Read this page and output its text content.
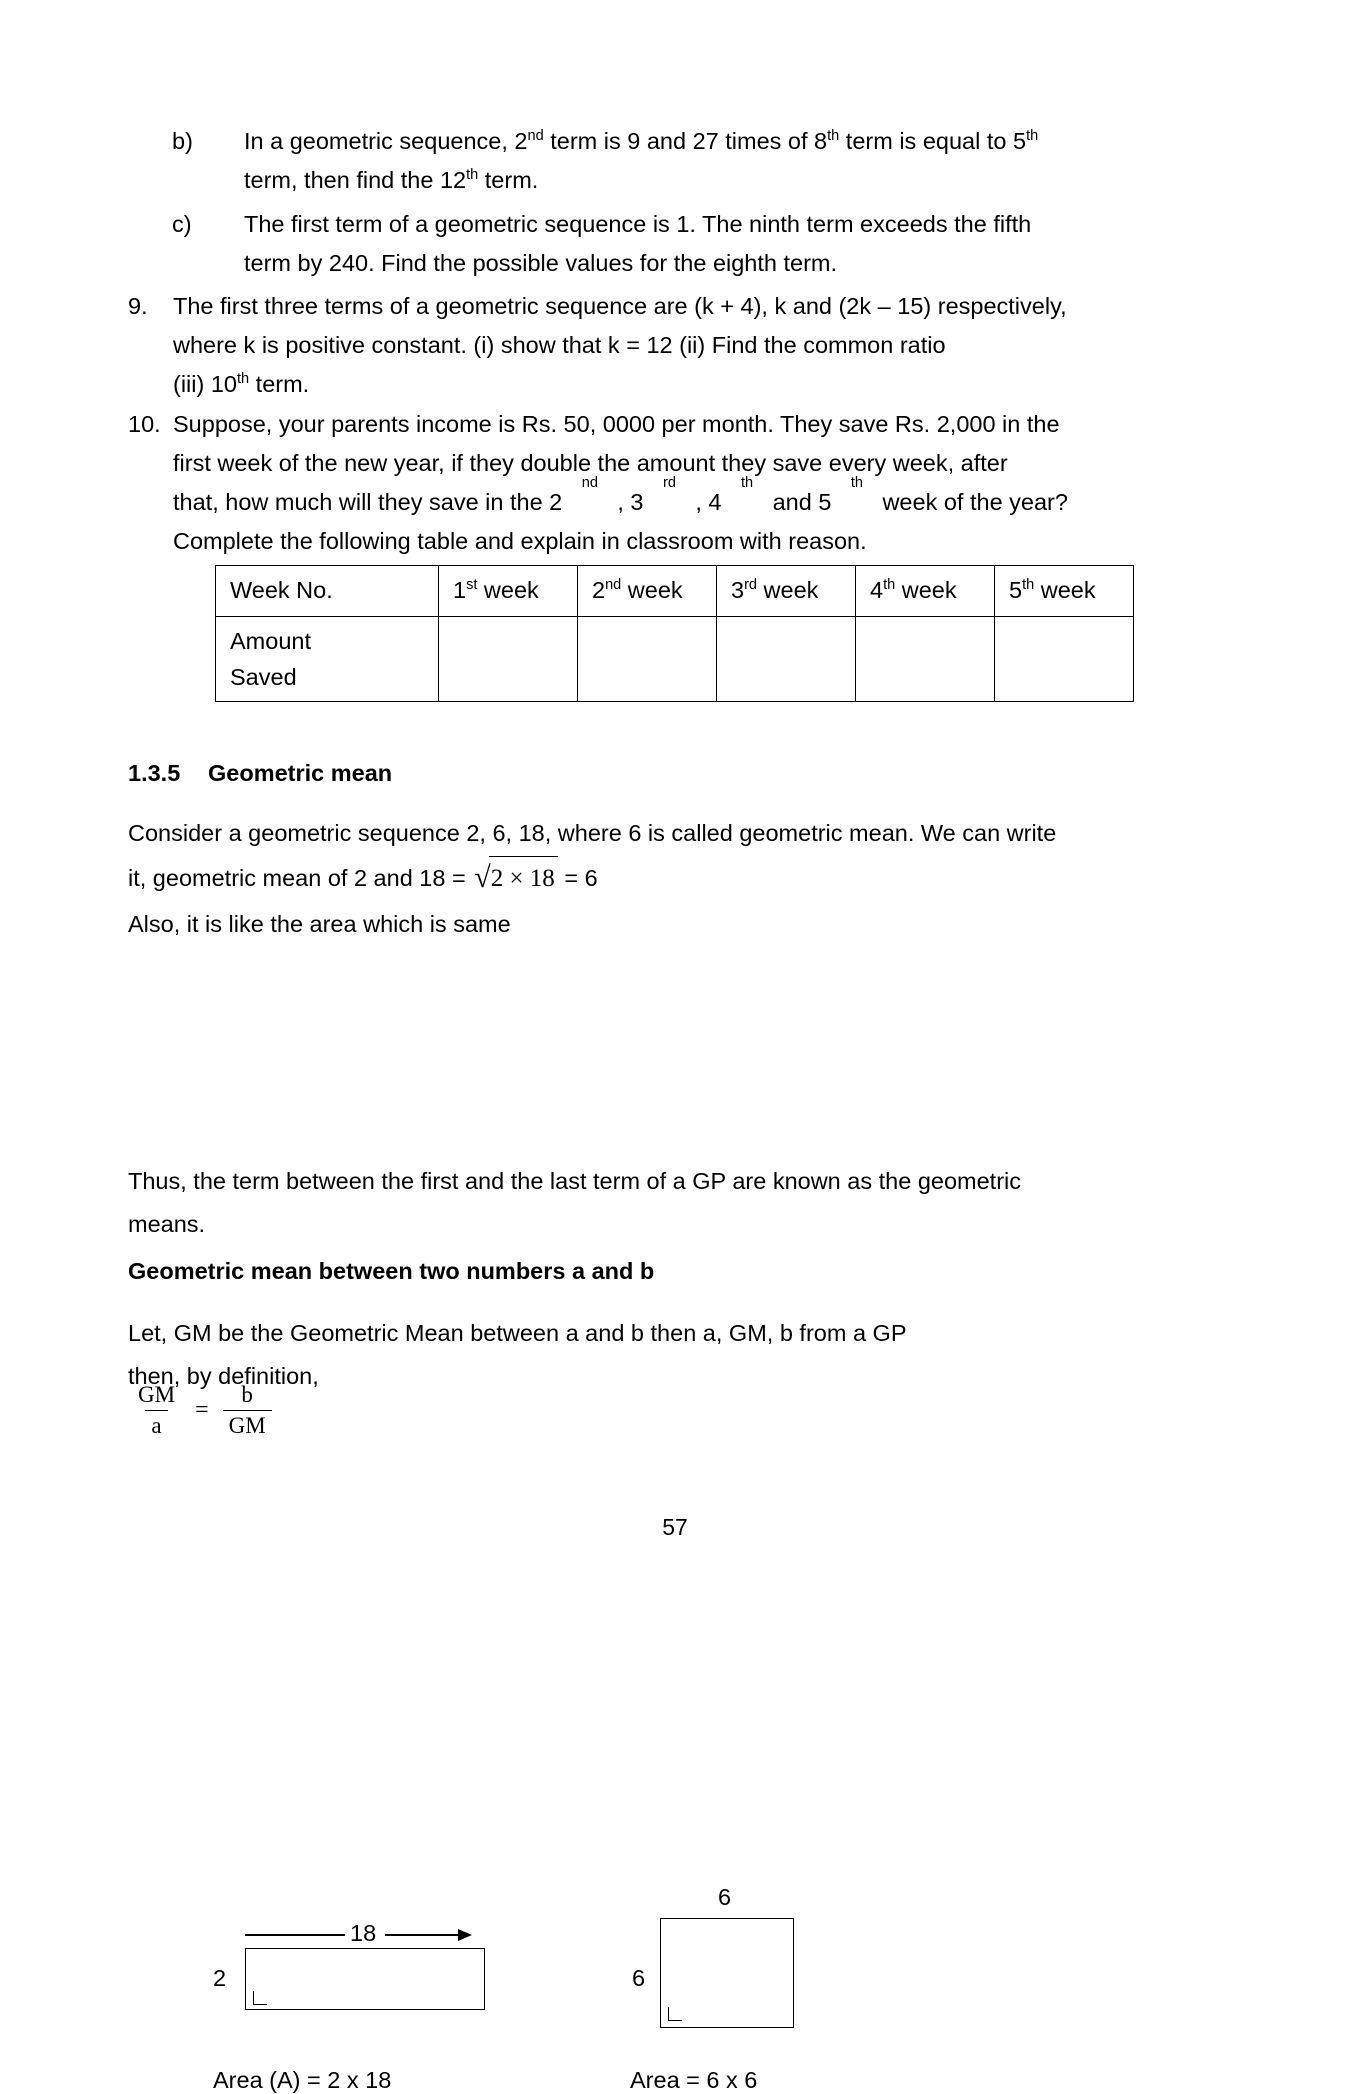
b)	In a geometric sequence, 2nd term is 9 and 27 times of 8th term is equal to 5th
term, then find the 12th term.
c)	The first term of a geometric sequence is 1. The ninth term exceeds the fifth
term by 240. Find the possible values for the eighth term.
9.	The first three terms of a geometric sequence are (k + 4), k and (2k – 15) respectively,
where k is positive constant. (i) show that k = 12 (ii) Find the common ratio
(iii) 10th term.
10. Suppose, your parents income is Rs. 50, 0000 per month. They save Rs. 2,000 in the
first week of the new year, if they double the amount they save every week, after
that, how much will they save in the 2
nd
, 3
rd
, 4
th
and 5
th
week of the year?
Complete the following table and explain in classroom with reason.
Week No.	1st week	2nd week	3rd week	4th week	5th week

Amount
Saved					

1.3.5	Geometric mean
Consider a geometric sequence 2, 6, 18, where 6 is called geometric mean. We can write
it, geometric mean of 2 and 18 = √2 × 18 = 6
Also, it is like the area which is same
18
2
Area (A) = 2 x 18
6
6
Area = 6 x 6
Thus, the term between the first and the last term of a GP are known as the geometric
means.
Geometric mean between two numbers a and b
Let, GM be the Geometric Mean between a and b then a, GM, b from a GP
then, by definition,
$\frac{GM}{a} = \frac{b}{GM}$
57
